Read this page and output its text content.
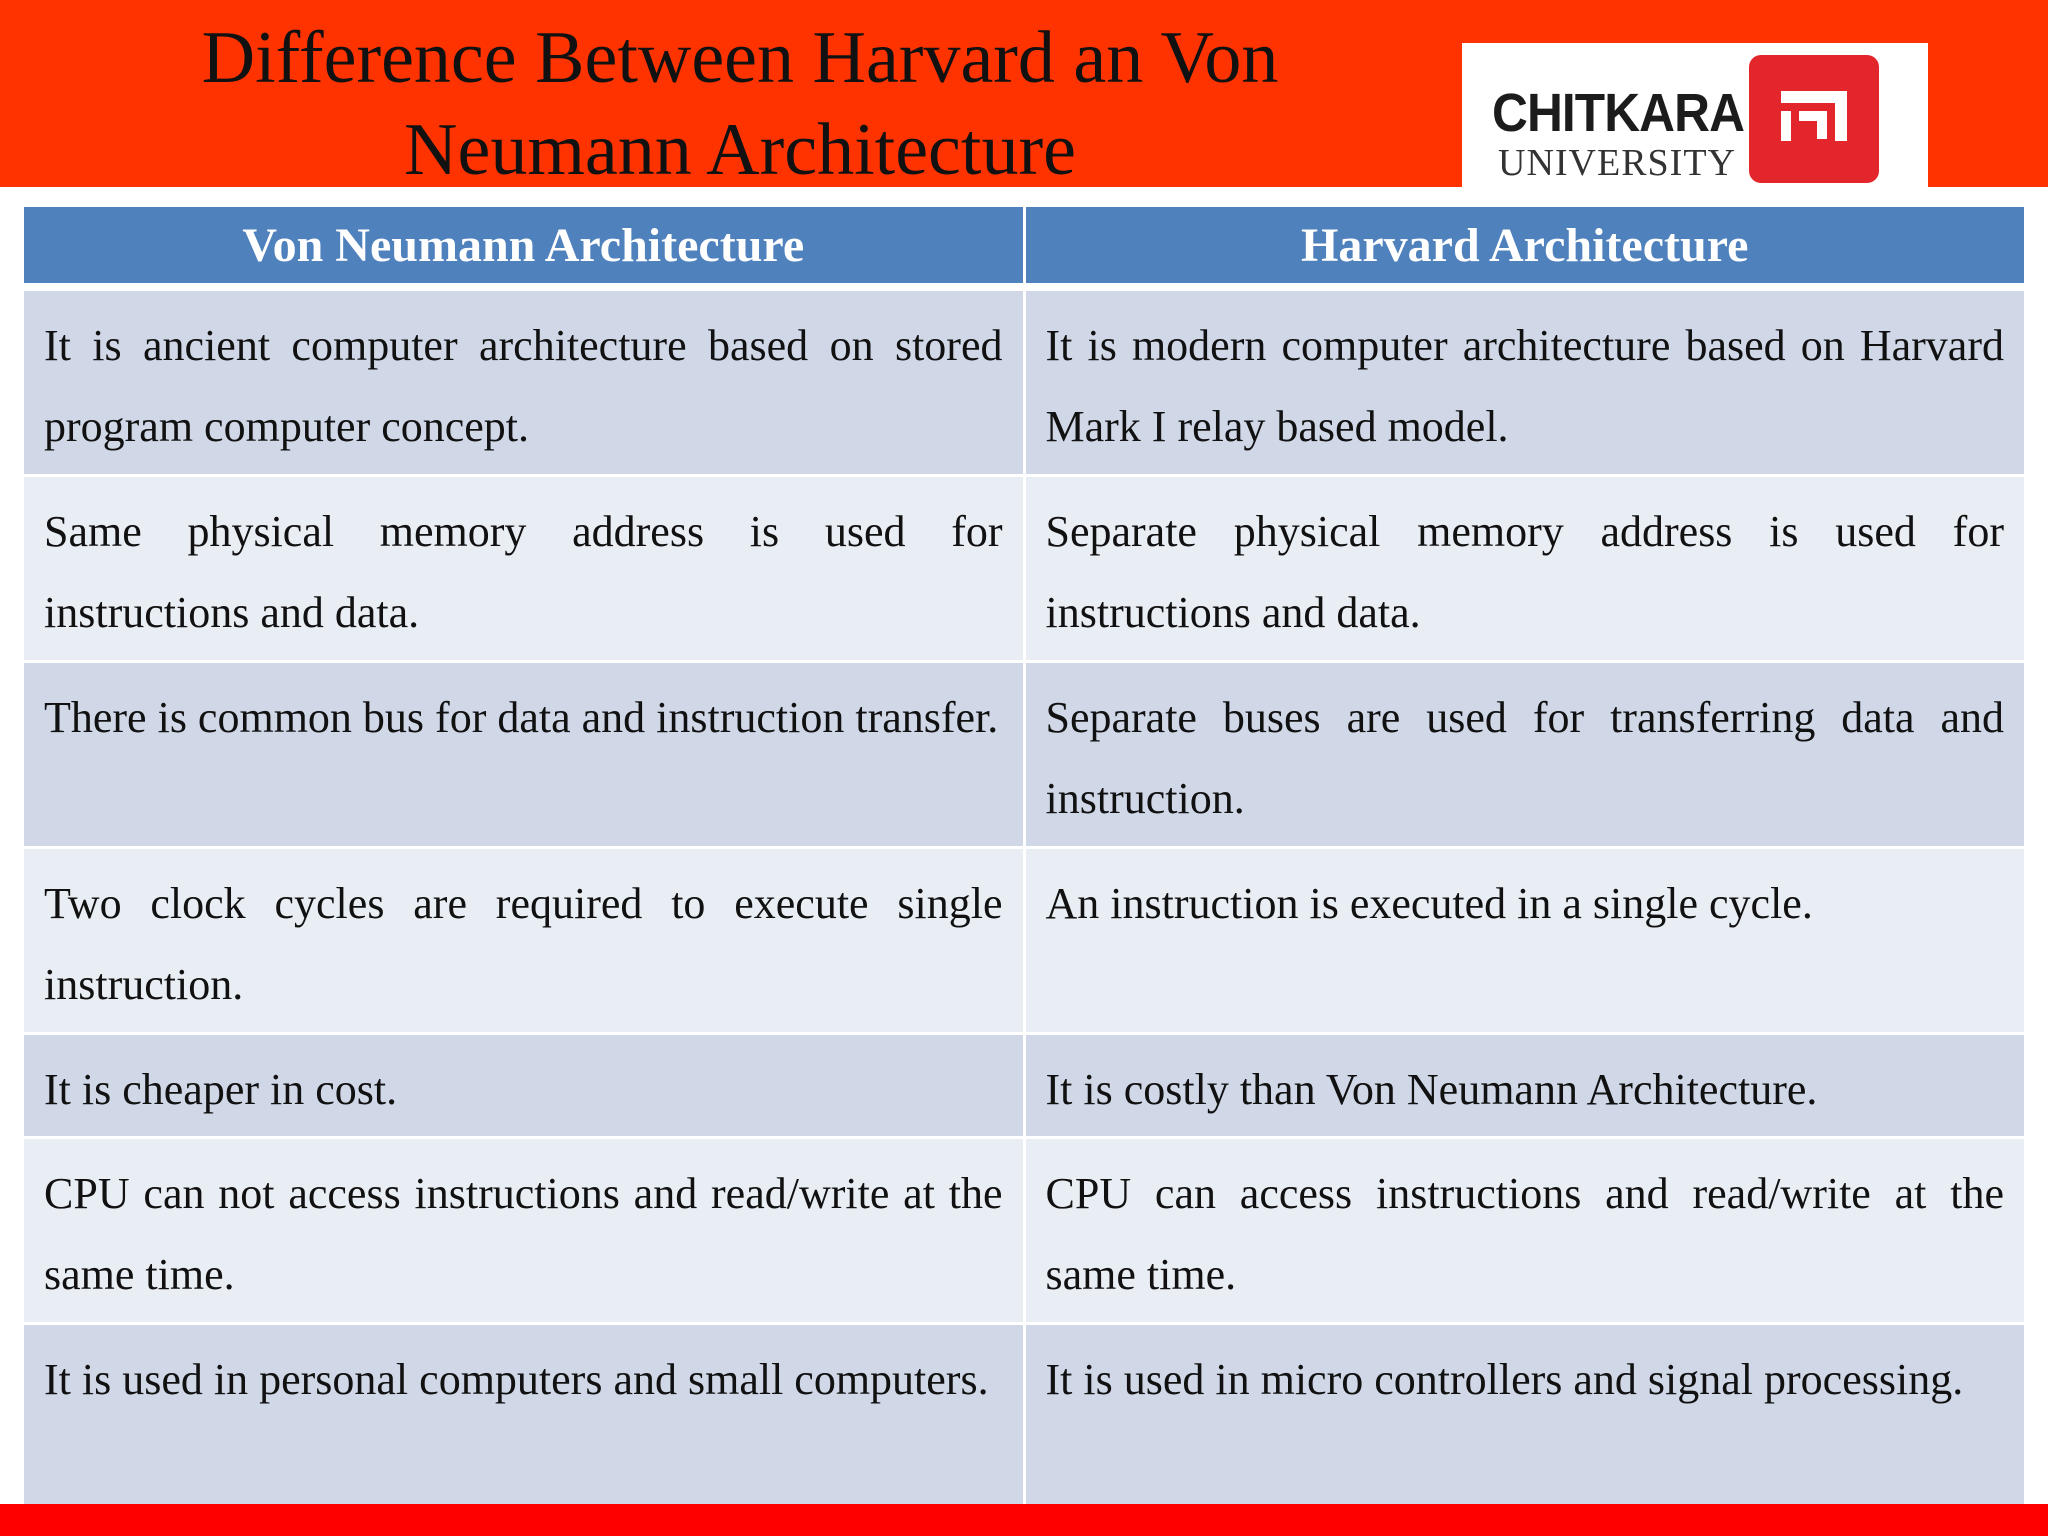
Difference Between Harvard an Von
Neumann Architecture	CHITKARA
UNIVERSITY
Von Neumann Architecture	Harvard Architecture
It is ancient computer architecture based on stored program computer concept.	It is modern computer architecture based on Harvard Mark I relay based model.
Same physical memory address is used for instructions and data.	Separate physical memory address is used for instructions and data.
There is common bus for data and instruction transfer.	Separate buses are used for transferring data and instruction.
Two clock cycles are required to execute single instruction.	An instruction is executed in a single cycle.
It is cheaper in cost.	It is costly than Von Neumann Architecture.
CPU can not access instructions and read/write at the same time.	CPU can access instructions and read/write at the same time.
It is used in personal computers and small computers.	It is used in micro controllers and signal processing.
